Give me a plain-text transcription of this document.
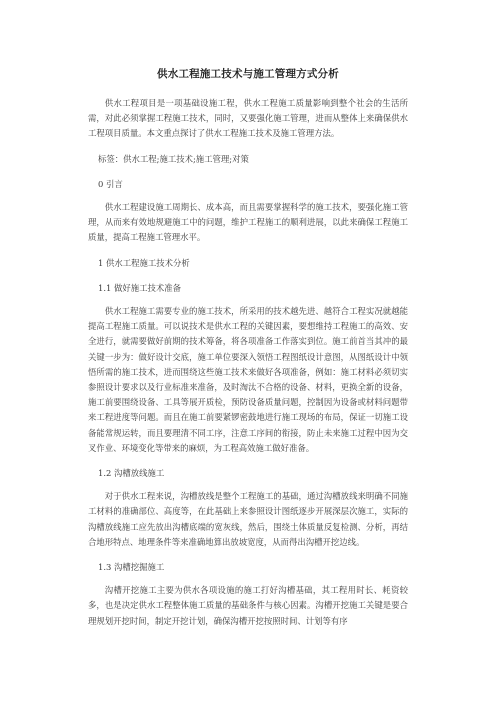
供水工程施工技术与施工管理方式分析

供水工程项目是一项基础设施工程，供水工程施工质量影响到整个社会的生活所需，对此必须掌握工程施工技术，同时，又要强化施工管理，进而从整体上来确保供水工程项目质量。本文重点探讨了供水工程施工技术及施工管理方法。

标签：供水工程;施工技术;施工管理;对策

0 引言

供水工程建设施工周期长、成本高，而且需要掌握科学的施工技术，要强化施工管理，从而来有效地规避施工中的问题，维护工程施工的顺利进展，以此来确保工程施工质量，提高工程施工管理水平。

1 供水工程施工技术分析

1.1 做好施工技术准备

供水工程施工需要专业的施工技术，所采用的技术越先进、越符合工程实况就越能提高工程施工质量。可以说技术是供水工程的关键因素，要想维持工程施工的高效、安全进行，就需要做好前期的技术筹备，将各项准备工作落实到位。施工前首当其冲的最关键一步为：做好设计交底，施工单位要深入领悟工程图纸设计意图，从图纸设计中领悟所需的施工技术，进而围绕这些施工技术来做好各项准备，例如：施工材料必须切实参照设计要求以及行业标准来准备，及时淘汰不合格的设备、材料，更换全新的设备，施工前要围绕设备、工具等展开质检，预防设备质量问题，控制因为设备或材料问题带来工程进度等问题。而且在施工前要紧锣密鼓地进行施工现场的布局，保证一切施工设备能常规运转，而且要理清不同工序，注意工序间的衔接，防止未来施工过程中因为交叉作业、环境变化等带来的麻烦，为工程高效施工做好准备。

1.2 沟槽放线施工

对于供水工程来说，沟槽放线是整个工程施工的基础，通过沟槽放线来明确不同施工材料的准确部位、高度等，在此基础上来参照设计图纸逐步开展深层次施工，实际的沟槽放线施工应先放出沟槽底端的宽灰线，然后，围绕土体质量反复检测、分析，再结合地形特点、地理条件等来准确地算出放坡宽度，从而得出沟槽开挖边线。

1.3 沟槽挖掘施工

沟槽开挖施工主要为供水各项设施的施工打好沟槽基础，其工程用时长、耗资较多，也是决定供水工程整体施工质量的基础条件与核心因素。沟槽开挖施工关键是要合理规划开挖时间，制定开挖计划，确保沟槽开挖按照时间、计划等有序
